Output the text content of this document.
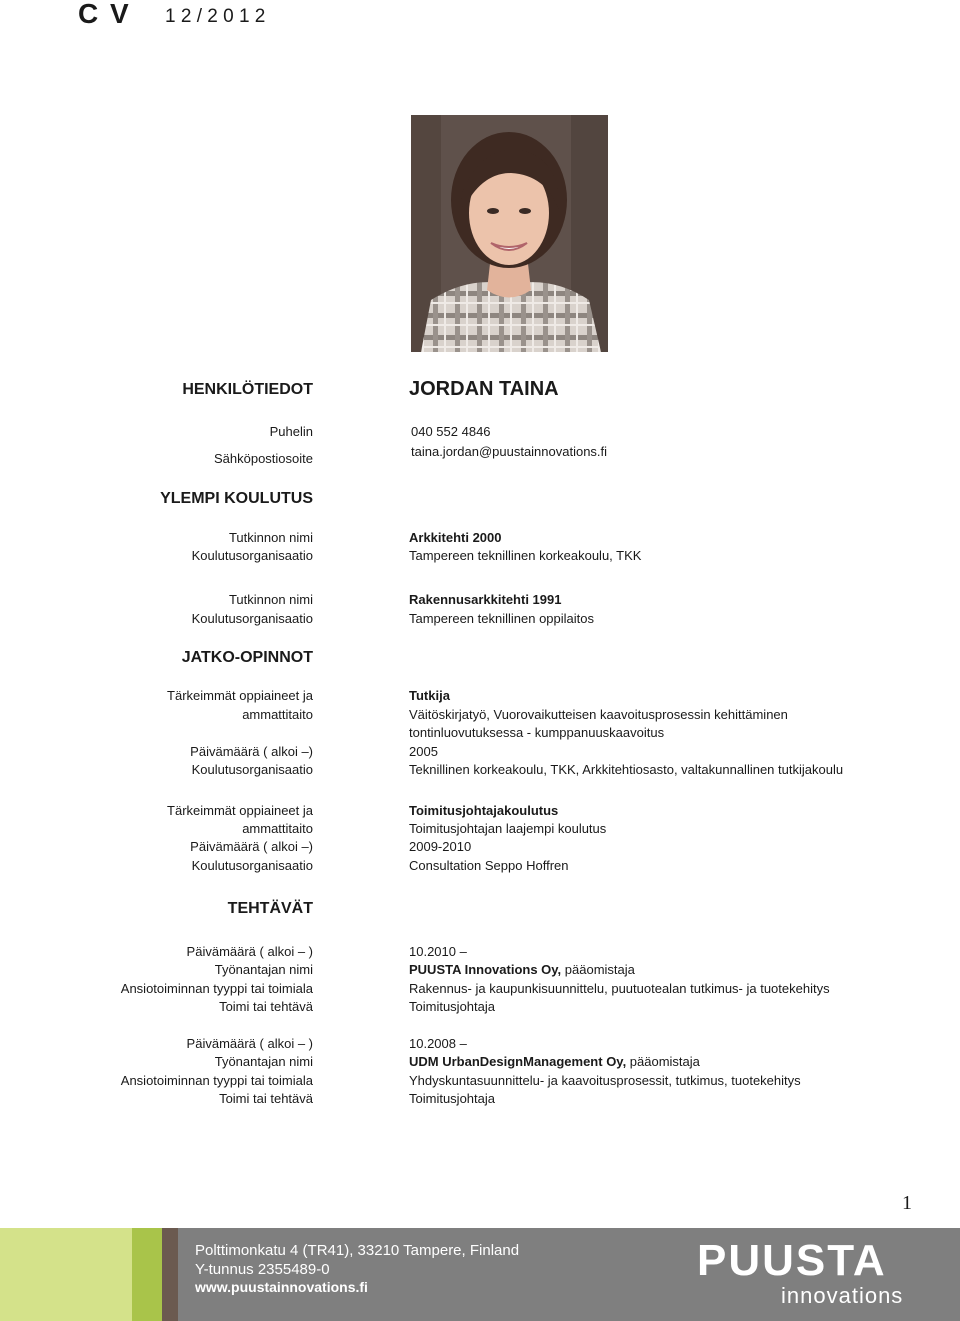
C V 1 2 / 2 0 1 2
HENKILÖTIEDOT	JORDAN TAINA
Puhelin	040 552 4846
Sähköpostiosoite	taina.jordan@puustainnovations.fi
YLEMPI KOULUTUS
Tutkinnon nimi	Arkkitehti 2000
Koulutusorganisaatio	Tampereen teknillinen korkeakoulu, TKK
Tutkinnon nimi	Rakennusarkkitehti 1991
Koulutusorganisaatio	Tampereen teknillinen oppilaitos
JATKO-OPINNOT
Tärkeimmät oppiaineet ja	Tutkija
ammattitaito	Väitöskirjatyö, Vuorovaikutteisen kaavoitusprosessin kehittäminen
tontinluovutuksessa - kumppanuuskaavoitus
Päivämäärä ( alkoi –)	2005
Koulutusorganisaatio	Teknillinen korkeakoulu, TKK, Arkkitehtiosasto, valtakunnallinen tutkijakoulu
Tärkeimmät oppiaineet ja	Toimitusjohtajakoulutus
ammattitaito	Toimitusjohtajan laajempi koulutus
Päivämäärä ( alkoi –)	2009-2010
Koulutusorganisaatio	Consultation Seppo Hoffren
TEHTÄVÄT
Päivämäärä ( alkoi – )	10.2010 –
Työnantajan nimi	PUUSTA Innovations Oy, pääomistaja
Ansiotoiminnan tyyppi tai toimiala	Rakennus- ja kaupunkisuunnittelu, puutuotealan tutkimus- ja tuotekehitys
Toimi tai tehtävä	Toimitusjohtaja
Päivämäärä ( alkoi – )	10.2008 –
Työnantajan nimi	UDM UrbanDesignManagement Oy, pääomistaja
Ansiotoiminnan tyyppi tai toimiala	Yhdyskuntasuunnittelu- ja kaavoitusprosessit, tutkimus, tuotekehitys
Toimi tai tehtävä	Toimitusjohtaja
1
Polttimonkatu 4 (TR41), 33210 Tampere, Finland
Y-tunnus 2355489-0
www.puustainnovations.fi
PUUSTA
innovations
